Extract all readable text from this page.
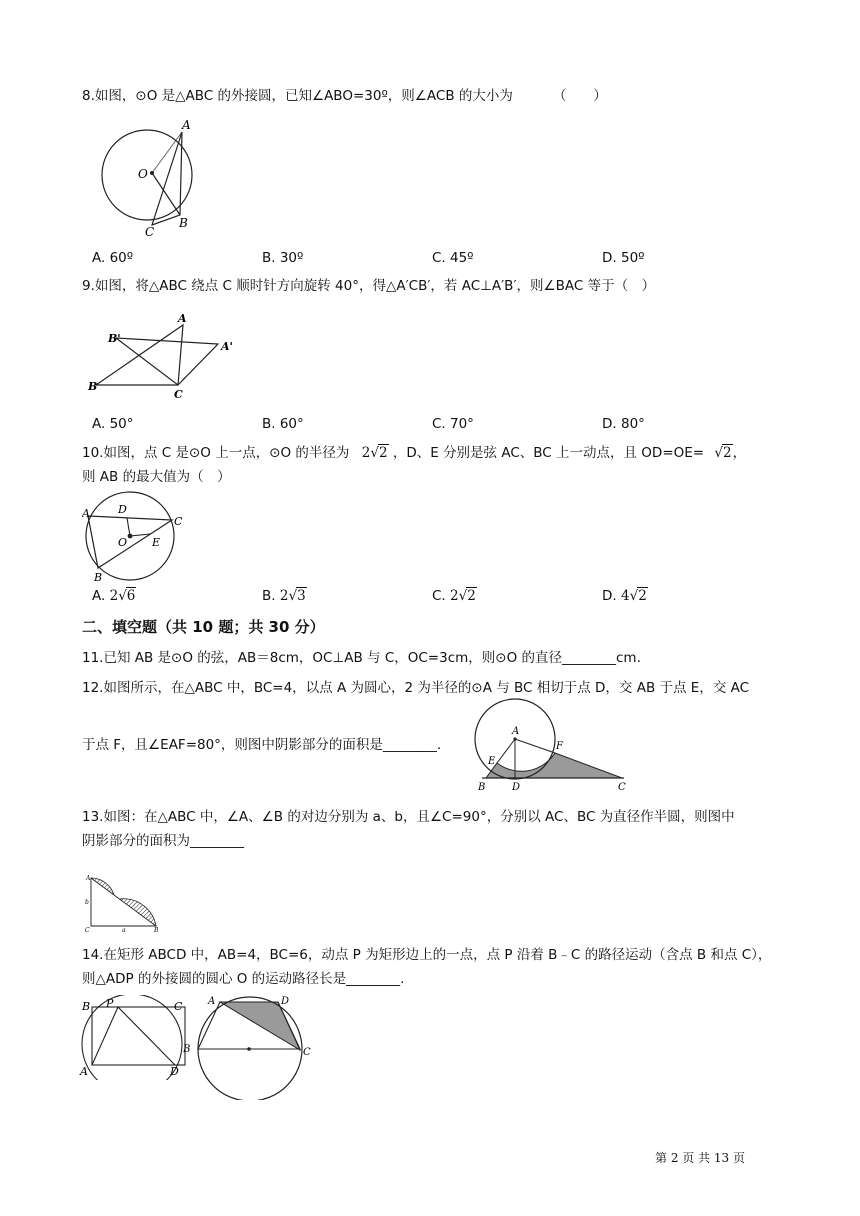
8.如图，⊙O 是△ABC 的外接圆，已知∠ABO=30º，则∠ACB 的大小为	（　　）
A
O
C
B
A. 60º	B. 30º	C. 45º	D. 50º
9.如图，将△ABC 绕点 C 顺时针方向旋转 40°，得△A′CB′，若 AC⊥A′B′，则∠BAC 等于（　）
A
B'
A'
B
C
A. 50°	B. 60°	C. 70°	D. 80°
10.如图，点 C 是⊙O 上一点，⊙O 的半径为 2√2 ，D、E 分别是弦 AC、BC 上一动点，且 OD=OE= √2，
则 AB 的最大值为（　）
A	D
C
O E
B
A. 2√6	B. 2√3	C. 2√2	D. 4√2
二、填空题（共 10 题；共 30 分）
11.已知 AB 是⊙O 的弦，AB＝8cm，OC⊥AB 与 C，OC=3cm，则⊙O 的直径________cm.
12.如图所示，在△ABC 中，BC=4，以点 A 为圆心，2 为半径的⊙A 与 BC 相切于点 D，交 AB 于点 E，交 AC
于点 F，且∠EAF=80°，则图中阴影部分的面积是________.
A
F
E
B	D	C
13.如图：在△ABC 中，∠A、∠B 的对边分别为 a、b，且∠C=90°，分别以 AC、BC 为直径作半圆，则图中
阴影部分的面积为________
A
b
C	a	B
14.在矩形 ABCD 中，AB=4，BC=6，动点 P 为矩形边上的一点，点 P 沿着 B﹣C 的路径运动（含点 B 和点 C），
则△ADP 的外接圆的圆心 O 的运动路径长是________.
B P	C
A	D
A	D
B	C
第 2 页 共 13 页
